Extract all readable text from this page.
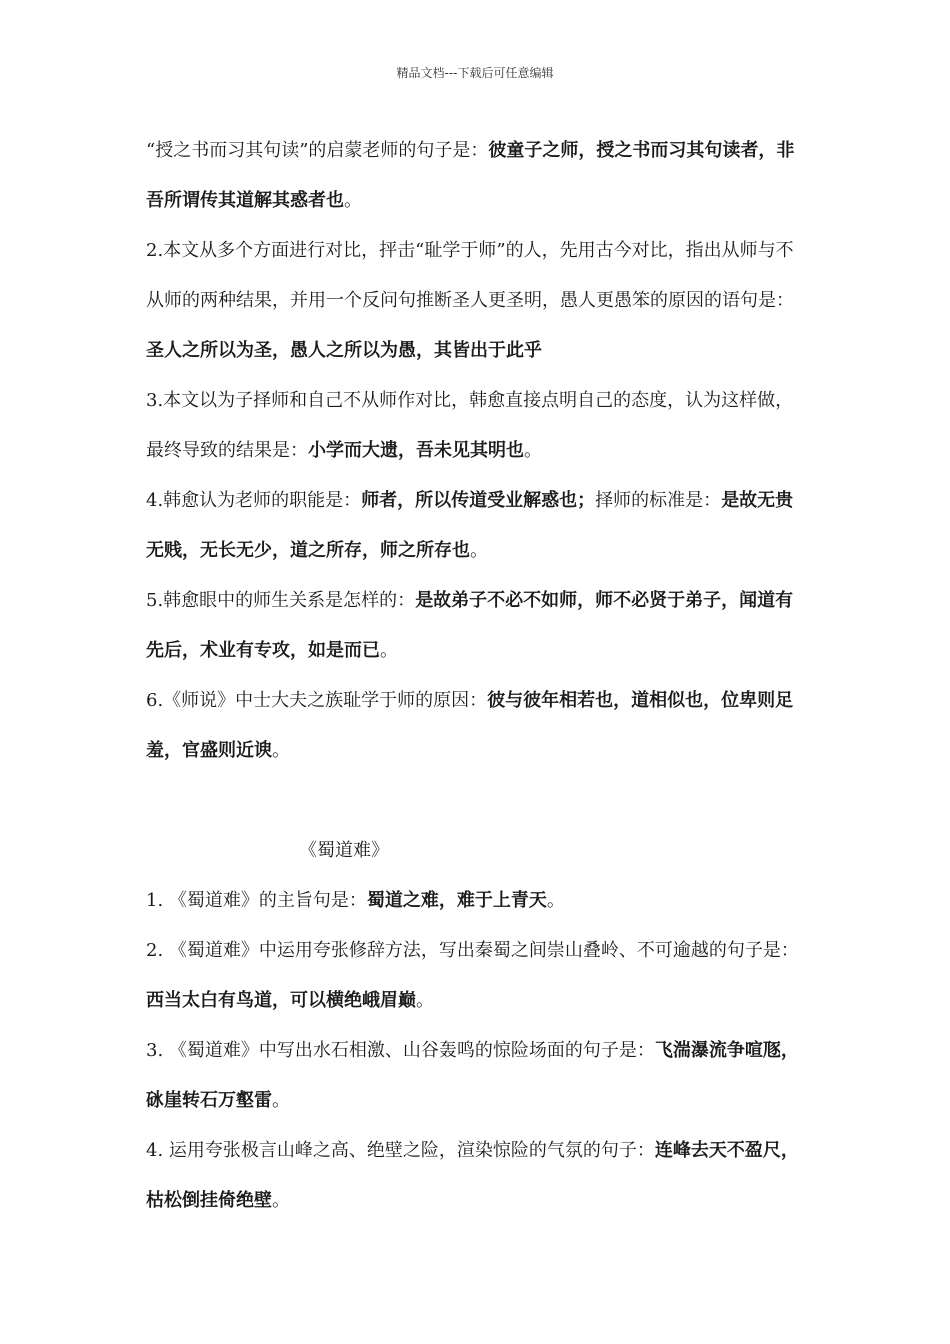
精品文档---下载后可任意编辑

“授之书而习其句读”的启蒙老师的句子是：彼童子之师，授之书而习其句读者，非吾所谓传其道解其惑者也。

2.本文从多个方面进行对比，抨击“耻学于师”的人，先用古今对比，指出从师与不从师的两种结果，并用一个反问句推断圣人更圣明，愚人更愚笨的原因的语句是：圣人之所以为圣，愚人之所以为愚，其皆出于此乎

3.本文以为子择师和自己不从师作对比，韩愈直接点明自己的态度，认为这样做，最终导致的结果是：小学而大遗，吾未见其明也。

4.韩愈认为老师的职能是：师者，所以传道受业解惑也；择师的标准是：是故无贵无贱，无长无少，道之所存，师之所存也。

5.韩愈眼中的师生关系是怎样的：是故弟子不必不如师，师不必贤于弟子，闻道有先后，术业有专攻，如是而已。

6.《师说》中士大夫之族耻学于师的原因：彼与彼年相若也，道相似也，位卑则足羞，官盛则近谀。

《蜀道难》

1. 《蜀道难》的主旨句是：蜀道之难，难于上青天。

2. 《蜀道难》中运用夸张修辞方法，写出秦蜀之间崇山叠岭、不可逾越的句子是：西当太白有鸟道，可以横绝峨眉巅。

3. 《蜀道难》中写出水石相激、山谷轰鸣的惊险场面的句子是：飞湍瀑流争喧豗，砯崖转石万壑雷。

4. 运用夸张极言山峰之高、绝壁之险，渲染惊险的气氛的句子：连峰去天不盈尺，枯松倒挂倚绝壁。
